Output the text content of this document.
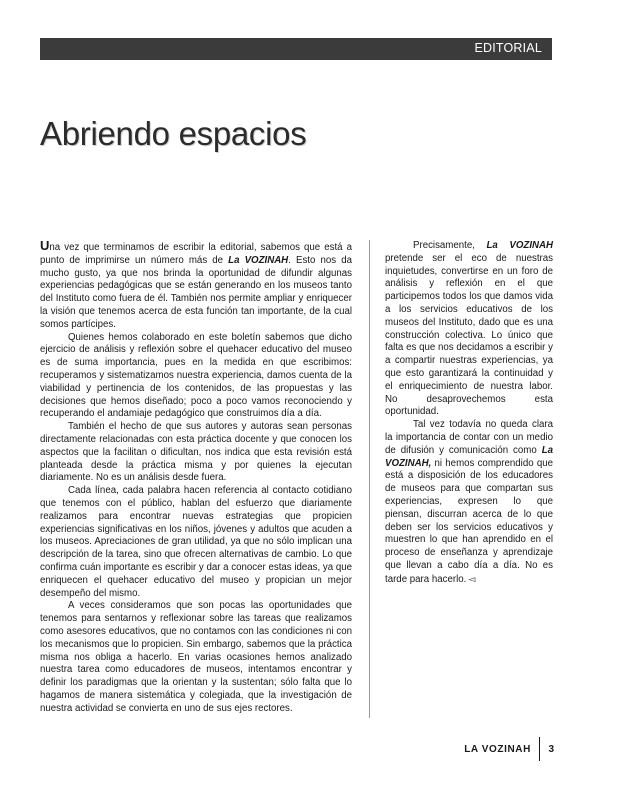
EDITORIAL
Abriendo espacios

Una vez que terminamos de escribir la editorial, sabemos que está a punto de imprimirse un número más de La VOZINAH. Esto nos da mucho gusto, ya que nos brinda la oportunidad de difundir algunas experiencias pedagógicas que se están generando en los museos tanto del Instituto como fuera de él. También nos permite ampliar y enriquecer la visión que tenemos acerca de esta función tan importante, de la cual somos partícipes.

Quienes hemos colaborado en este boletín sabemos que dicho ejercicio de análisis y reflexión sobre el quehacer educativo del museo es de suma importancia, pues en la medida en que escribimos: recuperamos y sistematizamos nuestra experiencia, damos cuenta de la viabilidad y pertinencia de los contenidos, de las propuestas y las decisiones que hemos diseñado; poco a poco vamos reconociendo y recuperando el andamiaje pedagógico que construimos día a día.

También el hecho de que sus autores y autoras sean personas directamente relacionadas con esta práctica docente y que conocen los aspectos que la facilitan o dificultan, nos indica que esta revisión está planteada desde la práctica misma y por quienes la ejecutan diariamente. No es un análisis desde fuera.

Cada línea, cada palabra hacen referencia al contacto cotidiano que tenemos con el público, hablan del esfuerzo que diariamente realizamos para encontrar nuevas estrategias que propicien experiencias significativas en los niños, jóvenes y adultos que acuden a los museos. Apreciaciones de gran utilidad, ya que no sólo implican una descripción de la tarea, sino que ofrecen alternativas de cambio. Lo que confirma cuán importante es escribir y dar a conocer estas ideas, ya que enriquecen el quehacer educativo del museo y propician un mejor desempeño del mismo.

A veces consideramos que son pocas las oportunidades que tenemos para sentarnos y reflexionar sobre las tareas que realizamos como asesores educativos, que no contamos con las condiciones ni con los mecanismos que lo propicien. Sin embargo, sabemos que la práctica misma nos obliga a hacerlo. En varias ocasiones hemos analizado nuestra tarea como educadores de museos, intentamos encontrar y definir los paradigmas que la orientan y la sustentan; sólo falta que lo hagamos de manera sistemática y colegiada, que la investigación de nuestra actividad se convierta en uno de sus ejes rectores.

Precisamente, La VOZINAH pretende ser el eco de nuestras inquietudes, convertirse en un foro de análisis y reflexión en el que participemos todos los que damos vida a los servicios educativos de los museos del Instituto, dado que es una construcción colectiva. Lo único que falta es que nos decidamos a escribir y a compartir nuestras experiencias, ya que esto garantizará la continuidad y el enriquecimiento de nuestra labor. No desaprovechemos esta oportunidad.

Tal vez todavía no queda clara la importancia de contar con un medio de difusión y comunicación como La VOZINAH, ni hemos comprendido que está a disposición de los educadores de museos para que compartan sus experiencias, expresen lo que piensan, discurran acerca de lo que deben ser los servicios educativos y muestren lo que han aprendido en el proceso de enseñanza y aprendizaje que llevan a cabo día a día. No es tarde para hacerlo. ◅

LA VOZINAH 3
